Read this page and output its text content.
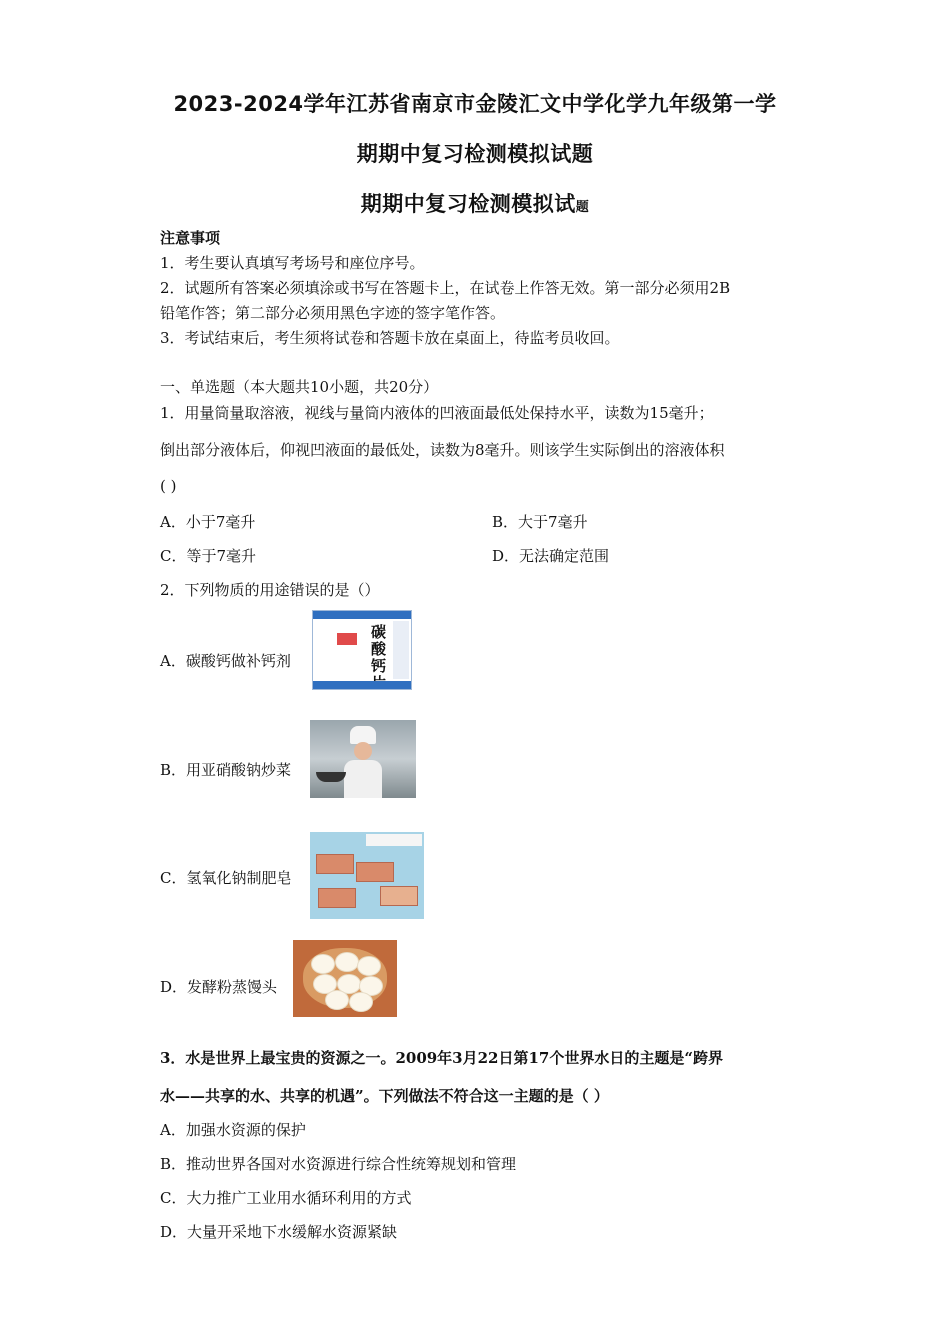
2023-2024学年江苏省南京市金陵汇文中学化学九年级第一学
期期中复习检测模拟试题
期期中复习检测模拟试题
注意事项
1．考生要认真填写考场号和座位序号。
2．试题所有答案必须填涂或书写在答题卡上，在试卷上作答无效。第一部分必须用2B
铅笔作答；第二部分必须用黑色字迹的签字笔作答。
3．考试结束后，考生须将试卷和答题卡放在桌面上，待监考员收回。
一、单选题（本大题共10小题，共20分）
1．用量筒量取溶液，视线与量筒内液体的凹液面最低处保持水平，读数为15毫升；
倒出部分液体后，仰视凹液面的最低处，读数为8毫升。则该学生实际倒出的溶液体积
( )
A．小于7毫升	B．大于7毫升
C．等于7毫升	D．无法确定范围
2．下列物质的用途错误的是（）
A．碳酸钙做补钙剂
碳酸钙
B．用亚硝酸钠炒菜
C．氢氧化钠制肥皂
D．发酵粉蒸馒头
3．水是世界上最宝贵的资源之一。2009年3月22日第17个世界水日的主题是“跨界
水——共享的水、共享的机遇”。下列做法不符合这一主题的是（ ）
A．加强水资源的保护
B．推动世界各国对水资源进行综合性统筹规划和管理
C．大力推广工业用水循环利用的方式
D．大量开采地下水缓解水资源紧缺
